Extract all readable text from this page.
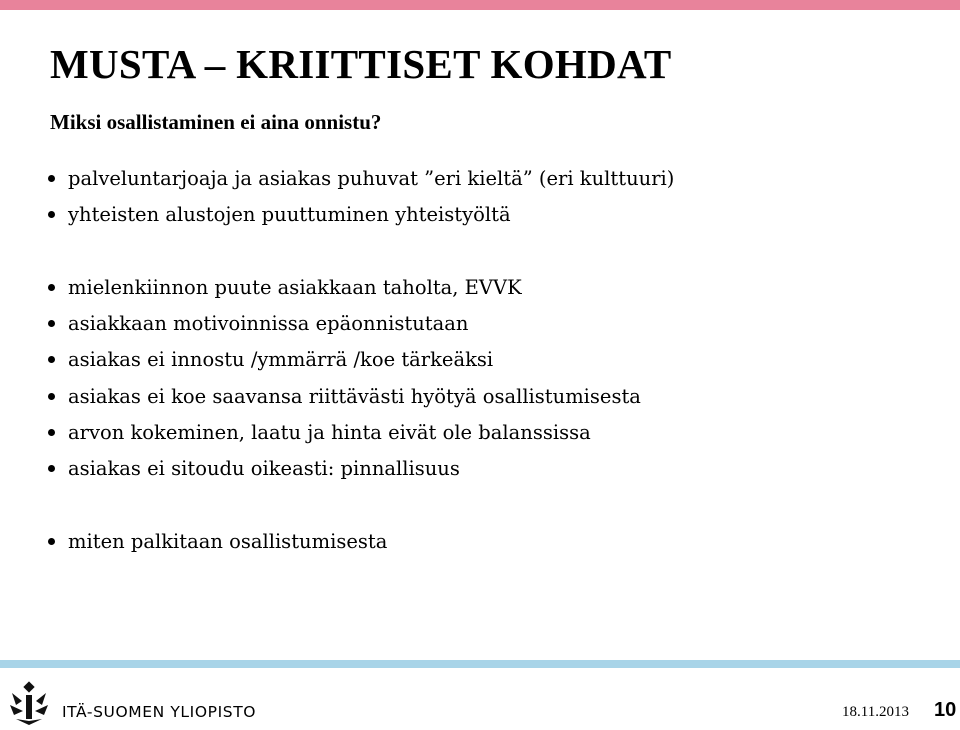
MUSTA – KRIITTISET KOHDAT
Miksi osallistaminen ei aina onnistu?
palveluntarjoaja ja asiakas puhuvat ”eri kieltä” (eri kulttuuri)
yhteisten alustojen puuttuminen yhteistyöltä
mielenkiinnon puute asiakkaan taholta, EVVK
asiakkaan motivoinnissa epäonnistutaan
asiakas ei innostu /ymmärrä /koe tärkeäksi
asiakas ei koe saavansa riittävästi hyötyä osallistumisesta
arvon kokeminen, laatu ja hinta eivät ole balanssissa
asiakas ei sitoudu oikeasti: pinnallisuus
miten palkitaan osallistumisesta
ITÄ-SUOMEN YLIOPISTO	18.11.2013 10
